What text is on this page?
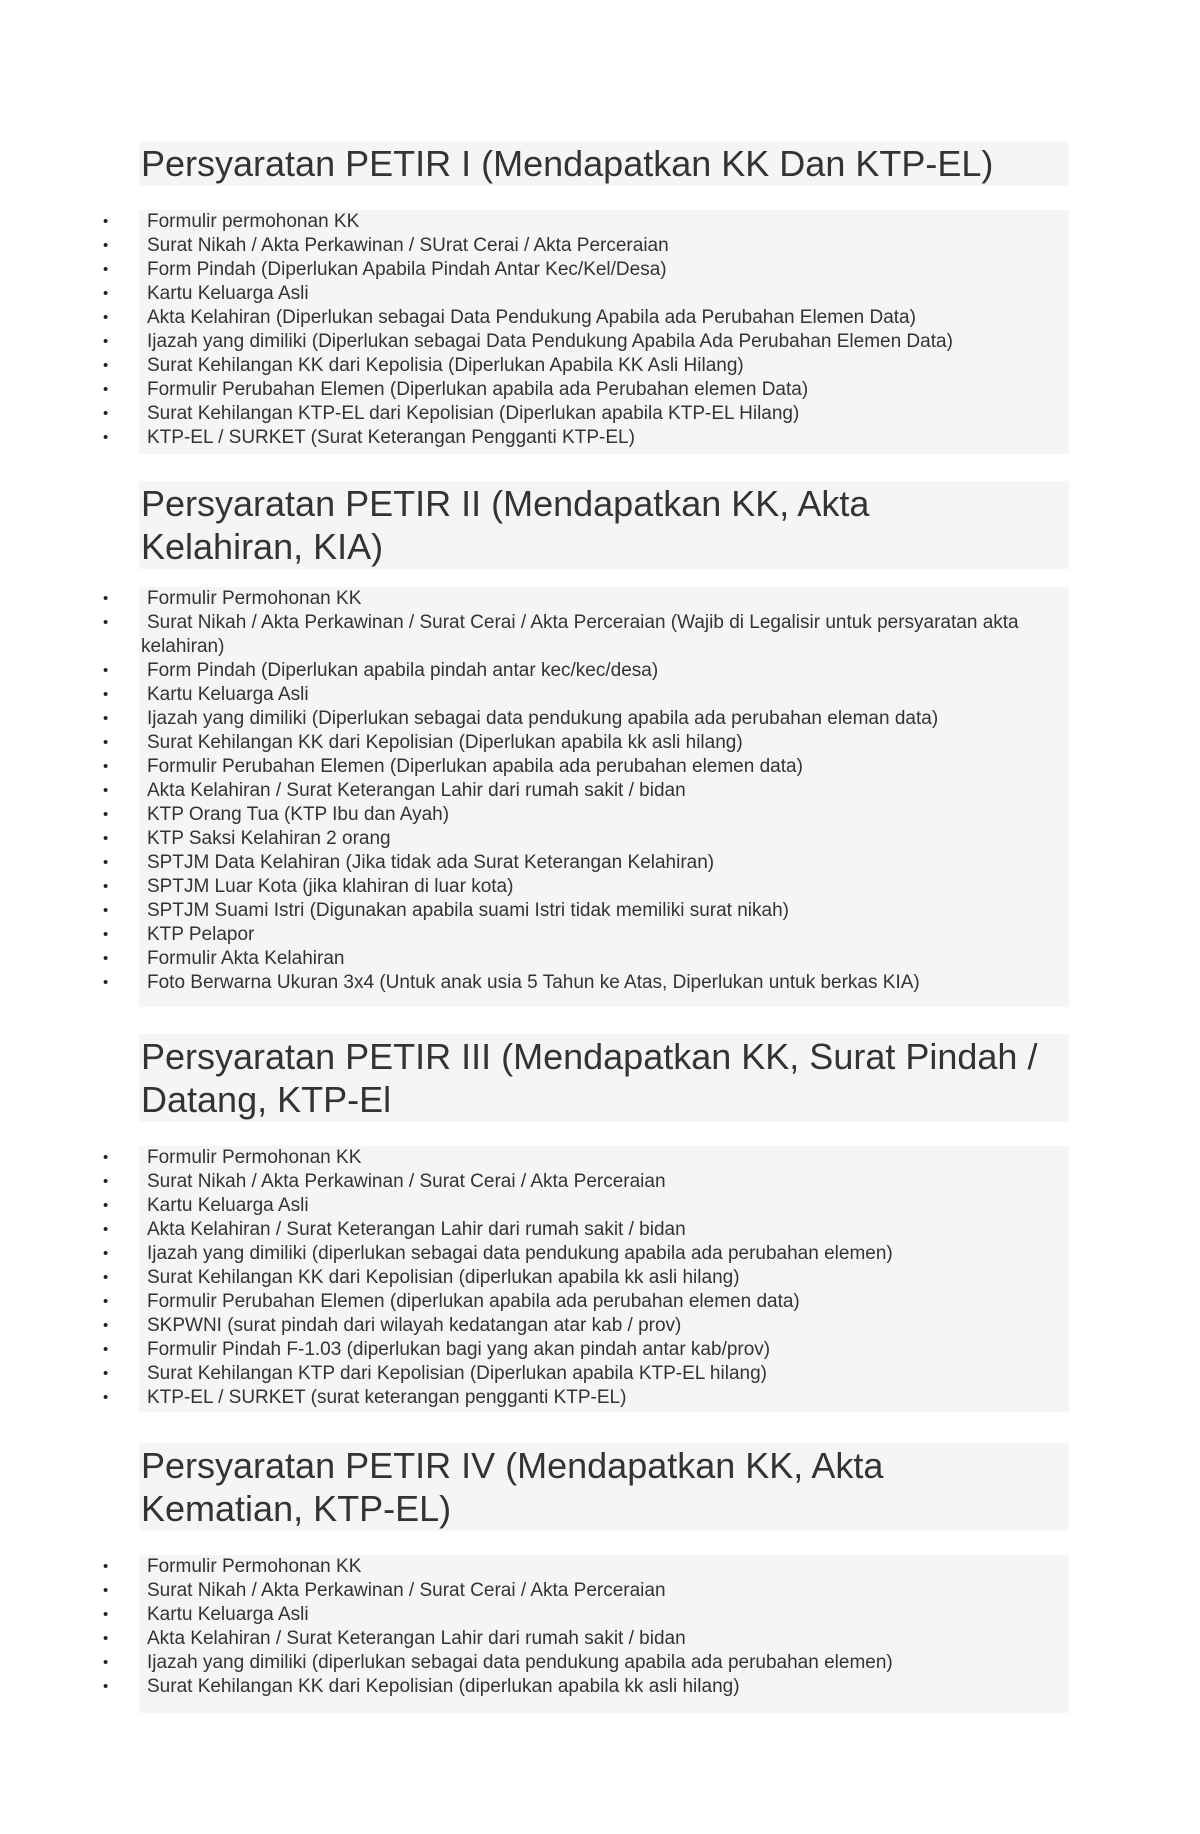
Persyaratan PETIR I (Mendapatkan KK Dan KTP-EL)
• Formulir permohonan KK
• Surat Nikah / Akta Perkawinan / SUrat Cerai / Akta Perceraian
• Form Pindah (Diperlukan Apabila Pindah Antar Kec/Kel/Desa)
• Kartu Keluarga Asli
• Akta Kelahiran (Diperlukan sebagai Data Pendukung Apabila ada Perubahan Elemen Data)
• Ijazah yang dimiliki (Diperlukan sebagai Data Pendukung Apabila Ada Perubahan Elemen Data)
• Surat Kehilangan KK dari Kepolisia (Diperlukan Apabila KK Asli Hilang)
• Formulir Perubahan Elemen (Diperlukan apabila ada Perubahan elemen Data)
• Surat Kehilangan KTP-EL dari Kepolisian (Diperlukan apabila KTP-EL Hilang)
• KTP-EL / SURKET (Surat Keterangan Pengganti KTP-EL)
Persyaratan PETIR II (Mendapatkan KK, Akta Kelahiran, KIA)
• Formulir Permohonan KK
• Surat Nikah / Akta Perkawinan / Surat Cerai / Akta Perceraian (Wajib di Legalisir untuk persyaratan akta kelahiran)
• Form Pindah (Diperlukan apabila pindah antar kec/kec/desa)
• Kartu Keluarga Asli
• Ijazah yang dimiliki (Diperlukan sebagai data pendukung apabila ada perubahan eleman data)
• Surat Kehilangan KK dari Kepolisian (Diperlukan apabila kk asli hilang)
• Formulir Perubahan Elemen (Diperlukan apabila ada perubahan elemen data)
• Akta Kelahiran / Surat Keterangan Lahir dari rumah sakit / bidan
• KTP Orang Tua (KTP Ibu dan Ayah)
• KTP Saksi Kelahiran 2 orang
• SPTJM Data Kelahiran (Jika tidak ada Surat Keterangan Kelahiran)
• SPTJM Luar Kota (jika klahiran di luar kota)
• SPTJM Suami Istri (Digunakan apabila suami Istri tidak memiliki surat nikah)
• KTP Pelapor
• Formulir Akta Kelahiran
• Foto Berwarna Ukuran 3x4 (Untuk anak usia 5 Tahun ke Atas, Diperlukan untuk berkas KIA)
Persyaratan PETIR III (Mendapatkan KK, Surat Pindah / Datang, KTP-El
• Formulir Permohonan KK
• Surat Nikah / Akta Perkawinan / Surat Cerai / Akta Perceraian
• Kartu Keluarga Asli
• Akta Kelahiran / Surat Keterangan Lahir dari rumah sakit / bidan
• Ijazah yang dimiliki (diperlukan sebagai data pendukung apabila ada perubahan elemen)
• Surat Kehilangan KK dari Kepolisian (diperlukan apabila kk asli hilang)
• Formulir Perubahan Elemen (diperlukan apabila ada perubahan elemen data)
• SKPWNI (surat pindah dari wilayah kedatangan atar kab / prov)
• Formulir Pindah F-1.03 (diperlukan bagi yang akan pindah antar kab/prov)
• Surat Kehilangan KTP dari Kepolisian (Diperlukan apabila KTP-EL hilang)
• KTP-EL / SURKET (surat keterangan pengganti KTP-EL)
Persyaratan PETIR IV (Mendapatkan KK, Akta Kematian, KTP-EL)
• Formulir Permohonan KK
• Surat Nikah / Akta Perkawinan / Surat Cerai / Akta Perceraian
• Kartu Keluarga Asli
• Akta Kelahiran / Surat Keterangan Lahir dari rumah sakit / bidan
• Ijazah yang dimiliki (diperlukan sebagai data pendukung apabila ada perubahan elemen)
• Surat Kehilangan KK dari Kepolisian (diperlukan apabila kk asli hilang)
